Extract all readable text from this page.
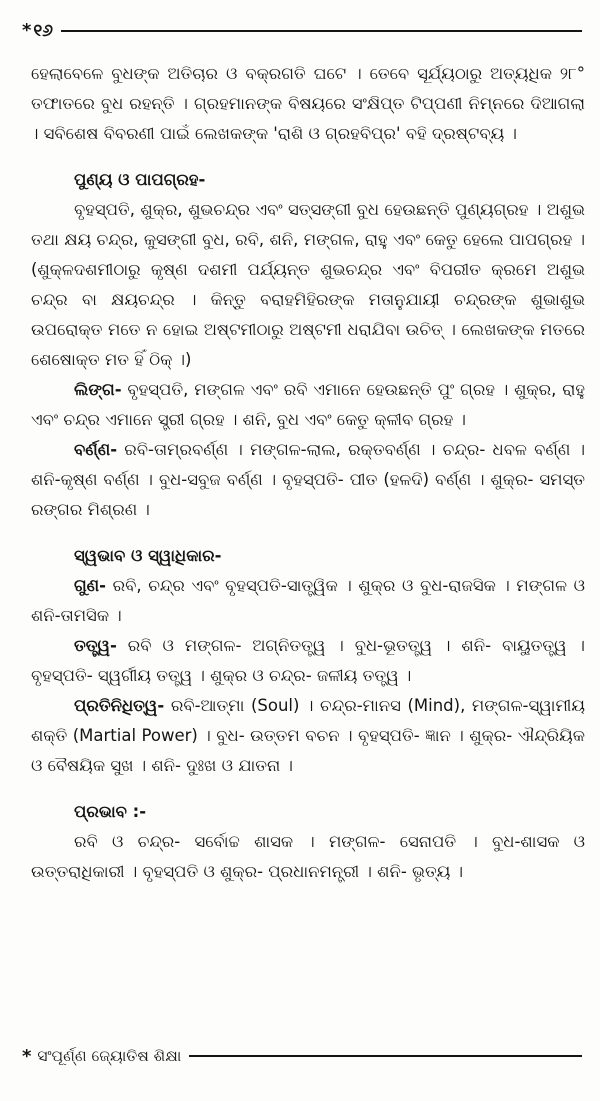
* ୧୬

ହେଲାବେଳେ ବୁଧଙ୍କ ଅତିଚାର ଓ ବକ୍ରଗତି ଘଟେ । ତେବେ ସୂର୍ଯ୍ୟଠାରୁ ଅତ୍ୟଧିକ ୨୮° ତଫାତରେ ବୁଧ ରହନ୍ତି । ଗ୍ରହମାନଙ୍କ ବିଷୟରେ ସଂକ୍ଷିପ୍ତ ଟିପ୍ପଣୀ ନିମ୍ନରେ ଦିଆଗଲା । ସବିଶେଷ ବିବରଣୀ ପାଇଁ ଲେଖକଙ୍କ 'ରାଶି ଓ ଗ୍ରହବିପ୍ର' ବହି ଦ୍ରଷ୍ଟବ୍ୟ ।

ପୁଣ୍ୟ ଓ ପାପଗ୍ରହ-

ବୃହସ୍ପତି, ଶୁକ୍ର, ଶୁଭଚନ୍ଦ୍ର ଏବଂ ସତ୍ସଙ୍ଗୀ ବୁଧ ହେଉଛନ୍ତି ପୁଣ୍ୟଗ୍ରହ । ଅଶୁଭ ତଥା କ୍ଷୟ ଚନ୍ଦ୍ର, କୁସଙ୍ଗୀ ବୁଧ, ରବି, ଶନି, ମଙ୍ଗଳ, ରାହୁ ଏବଂ କେତୁ ହେଲେ ପାପଗ୍ରହ । (ଶୁକ୍ଳଦଶମୀଠାରୁ କୃଷ୍ଣ ଦଶମୀ ପର୍ଯ୍ୟନ୍ତ ଶୁଭଚନ୍ଦ୍ର ଏବଂ ବିପରୀତ କ୍ରମେ ଅଶୁଭ ଚନ୍ଦ୍ର ବା କ୍ଷୟଚନ୍ଦ୍ର । କିନ୍ତୁ ବରାହମିହିରଙ୍କ ମତାନୁଯାୟୀ ଚନ୍ଦ୍ରଙ୍କ ଶୁଭାଶୁଭ ଉପରୋକ୍ତ ମତେ ନ ହୋଇ ଅଷ୍ଟମୀଠାରୁ ଅଷ୍ଟମୀ ଧରାଯିବା ଉଚିତ୍ । ଲେଖକଙ୍କ ମତରେ ଶେଷୋକ୍ତ ମତ ହିଁ ଠିକ୍ ।)

ଲିଙ୍ଗ- ବୃହସ୍ପତି, ମଙ୍ଗଳ ଏବଂ ରବି ଏମାନେ ହେଉଛନ୍ତି ପୁଂ ଗ୍ରହ । ଶୁକ୍ର, ରାହୁ ଏବଂ ଚନ୍ଦ୍ର ଏମାନେ ସ୍ତ୍ରୀ ଗ୍ରହ । ଶନି, ବୁଧ ଏବଂ କେତୁ କ୍ଳୀବ ଗ୍ରହ ।

ବର୍ଣ୍ଣ- ରବି-ତାମ୍ରବର୍ଣ୍ଣ । ମଙ୍ଗଳ-ଲାଲ, ରକ୍ତବର୍ଣ୍ଣ । ଚନ୍ଦ୍ର- ଧବଳ ବର୍ଣ୍ଣ । ଶନି-କୃଷ୍ଣ ବର୍ଣ୍ଣ । ବୁଧ-ସବୁଜ ବର୍ଣ୍ଣ । ବୃହସ୍ପତି- ପୀତ (ହଳଦି) ବର୍ଣ୍ଣ । ଶୁକ୍ର- ସମସ୍ତ ରଙ୍ଗର ମିଶ୍ରଣ ।

ସ୍ୱଭାବ ଓ ସ୍ୱାଧିକାର-

ଗୁଣ- ରବି, ଚନ୍ଦ୍ର ଏବଂ ବୃହସ୍ପତି-ସାତ୍ତ୍ୱିକ । ଶୁକ୍ର ଓ ବୁଧ-ରାଜସିକ । ମଙ୍ଗଳ ଓ ଶନି-ତାମସିକ ।

ତତ୍ତ୍ୱ- ରବି ଓ ମଙ୍ଗଳ- ଅଗ୍ନିତତ୍ତ୍ୱ । ବୁଧ-ଭୂତତ୍ତ୍ୱ । ଶନି- ବାୟୁତତ୍ତ୍ୱ । ବୃହସ୍ପତି- ସ୍ୱର୍ଗୀୟ ତତ୍ତ୍ୱ । ଶୁକ୍ର ଓ ଚନ୍ଦ୍ର- ଜଳୀୟ ତତ୍ତ୍ୱ ।

ପ୍ରତିନିଧିତ୍ୱ- ରବି-ଆତ୍ମା (Soul) । ଚନ୍ଦ୍ର-ମାନସ (Mind), ମଙ୍ଗଳ-ସ୍ୱାମୀୟ ଶକ୍ତି (Martial Power) । ବୁଧ- ଉତ୍ତମ ବଚନ । ବୃହସ୍ପତି- ଜ୍ଞାନ । ଶୁକ୍ର- ଐନ୍ଦ୍ରିୟିକ ଓ ବୈଷୟିକ ସୁଖ । ଶନି- ଦୁଃଖ ଓ ଯାତନା ।

ପ୍ରଭାବ :-

ରବି ଓ ଚନ୍ଦ୍ର- ସର୍ବୋଚ୍ଚ ଶାସକ । ମଙ୍ଗଳ- ସେନାପତି । ବୁଧ-ଶାସକ ଓ ଉତ୍ତରାଧିକାରୀ । ବୃହସ୍ପତି ଓ ଶୁକ୍ର- ପ୍ରଧାନମନ୍ତ୍ରୀ । ଶନି- ଭୃତ୍ୟ ।

* ସଂପୂର୍ଣ୍ଣ ଜ୍ୟୋତିଷ ଶିକ୍ଷା
